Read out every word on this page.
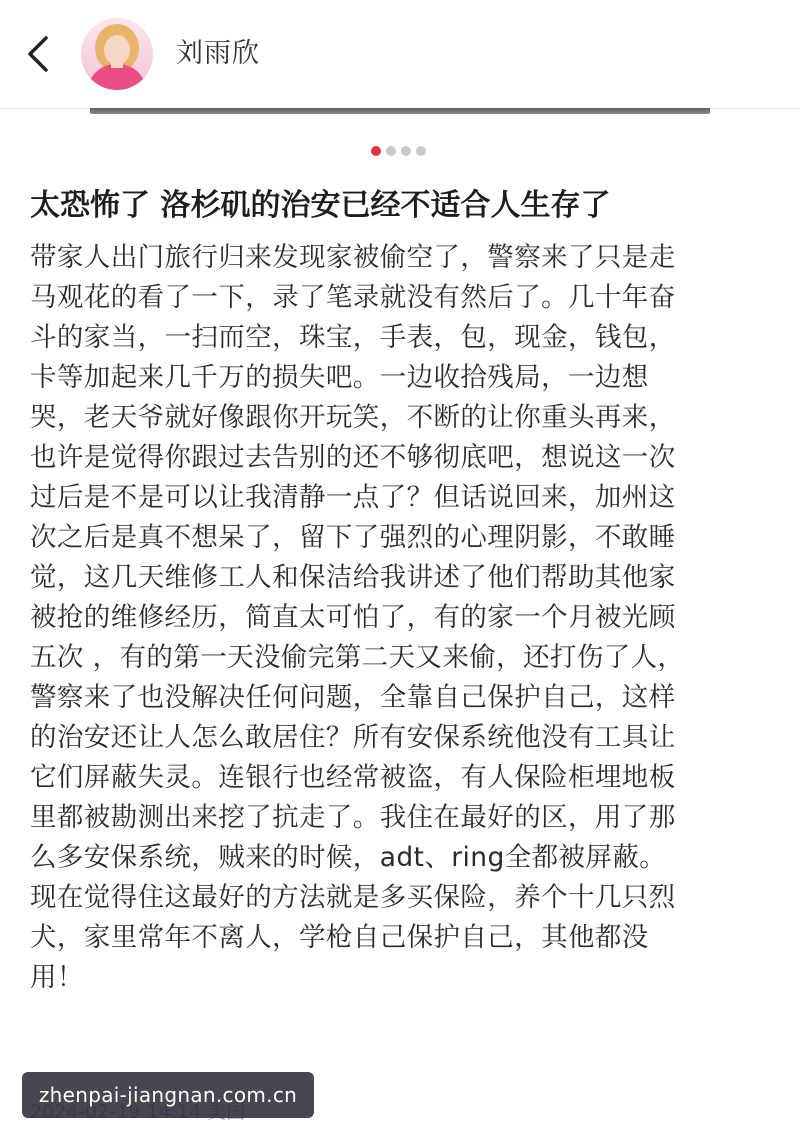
刘雨欣
太恐怖了 洛杉矶的治安已经不适合人生存了
带家人出门旅行归来发现家被偷空了，警察来了只是走
马观花的看了一下，录了笔录就没有然后了。几十年奋
斗的家当，一扫而空，珠宝，手表，包，现金，钱包，
卡等加起来几千万的损失吧。一边收拾残局，一边想
哭，老天爷就好像跟你开玩笑，不断的让你重头再来，
也许是觉得你跟过去告别的还不够彻底吧，想说这一次
过后是不是可以让我清静一点了？但话说回来，加州这
次之后是真不想呆了，留下了强烈的心理阴影，不敢睡
觉，这几天维修工人和保洁给我讲述了他们帮助其他家
被抢的维修经历，简直太可怕了，有的家一个月被光顾
五次 ，有的第一天没偷完第二天又来偷，还打伤了人，
警察来了也没解决任何问题，全靠自己保护自己，这样
的治安还让人怎么敢居住？所有安保系统他没有工具让
它们屏蔽失灵。连银行也经常被盗，有人保险柜埋地板
里都被勘测出来挖了抗走了。我住在最好的区，用了那
么多安保系统，贼来的时候，adt、ring全都被屏蔽。
现在觉得住这最好的方法就是多买保险，养个十几只烈
犬，家里常年不离人，学枪自己保护自己，其他都没
用！
zhenpai-jiangnan.com.cn
